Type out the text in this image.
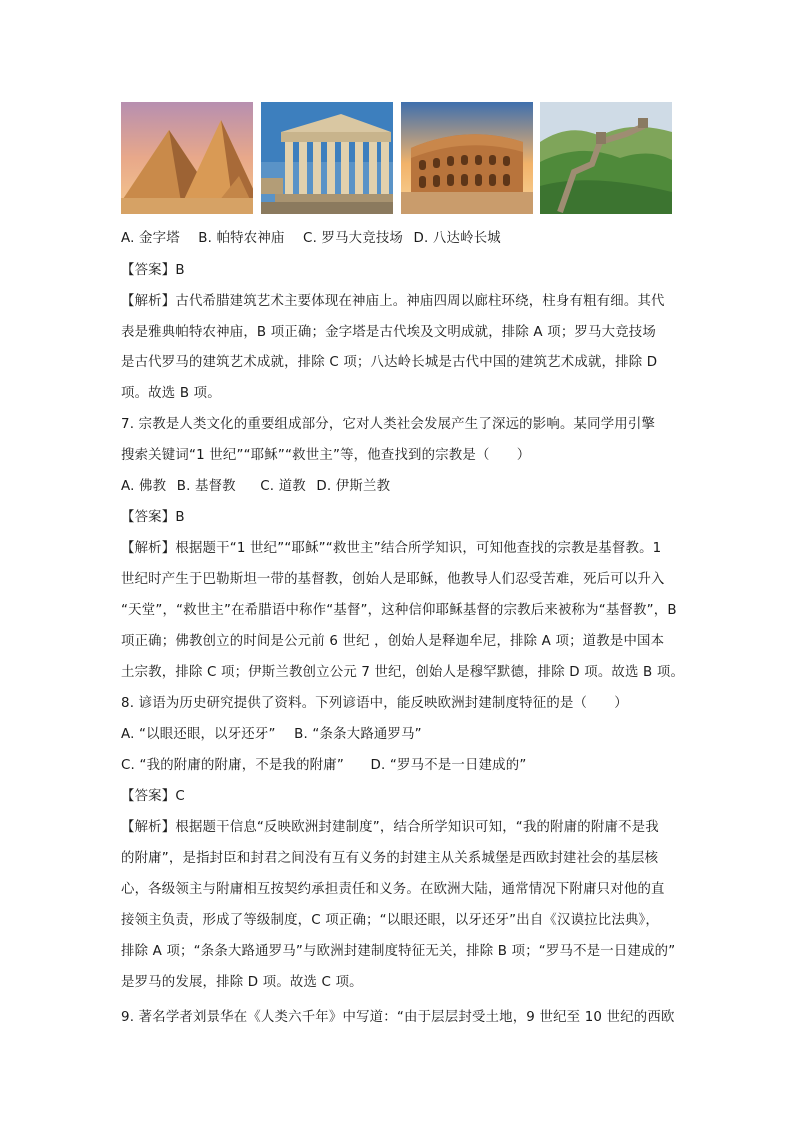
A. 金字塔 B. 帕特农神庙 C. 罗马大竞技场 D. 八达岭长城
【答案】B
【解析】古代希腊建筑艺术主要体现在神庙上。神庙四周以廊柱环绕，柱身有粗有细。其代
表是雅典帕特农神庙，B 项正确；金字塔是古代埃及文明成就，排除 A 项；罗马大竞技场
是古代罗马的建筑艺术成就，排除 C 项；八达岭长城是古代中国的建筑艺术成就，排除 D
项。故选 B 项。
7. 宗教是人类文化的重要组成部分，它对人类社会发展产生了深远的影响。某同学用引擎
搜索关键词“1 世纪”“耶稣”“救世主”等，他查找到的宗教是（　　）
A. 佛教 B. 基督教 C. 道教 D. 伊斯兰教
【答案】B
【解析】根据题干“1 世纪”“耶稣”“救世主”结合所学知识，可知他查找的宗教是基督教。1
世纪时产生于巴勒斯坦一带的基督教，创始人是耶稣，他教导人们忍受苦难，死后可以升入
“天堂”，“救世主”在希腊语中称作“基督”，这种信仰耶稣基督的宗教后来被称为“基督教”，B
项正确；佛教创立的时间是公元前 6 世纪 ，创始人是释迦牟尼，排除 A 项；道教是中国本
土宗教，排除 C 项；伊斯兰教创立公元 7 世纪，创始人是穆罕默德，排除 D 项。故选 B 项。
8. 谚语为历史研究提供了资料。下列谚语中，能反映欧洲封建制度特征的是（　　）
A. “以眼还眼，以牙还牙” B. “条条大路通罗马”
C. “我的附庸的附庸，不是我的附庸” D. “罗马不是一日建成的”
【答案】C
【解析】根据题干信息“反映欧洲封建制度”，结合所学知识可知，“我的附庸的附庸不是我
的附庸”，是指封臣和封君之间没有互有义务的封建主从关系城堡是西欧封建社会的基层核
心，各级领主与附庸相互按契约承担责任和义务。在欧洲大陆，通常情况下附庸只对他的直
接领主负责，形成了等级制度，C 项正确；“以眼还眼，以牙还牙”出自《汉谟拉比法典》，
排除 A 项；“条条大路通罗马”与欧洲封建制度特征无关，排除 B 项；“罗马不是一日建成的”
是罗马的发展，排除 D 项。故选 C 项。
9. 著名学者刘景华在《人类六千年》中写道：“由于层层封受土地，9 世纪至 10 世纪的西欧
